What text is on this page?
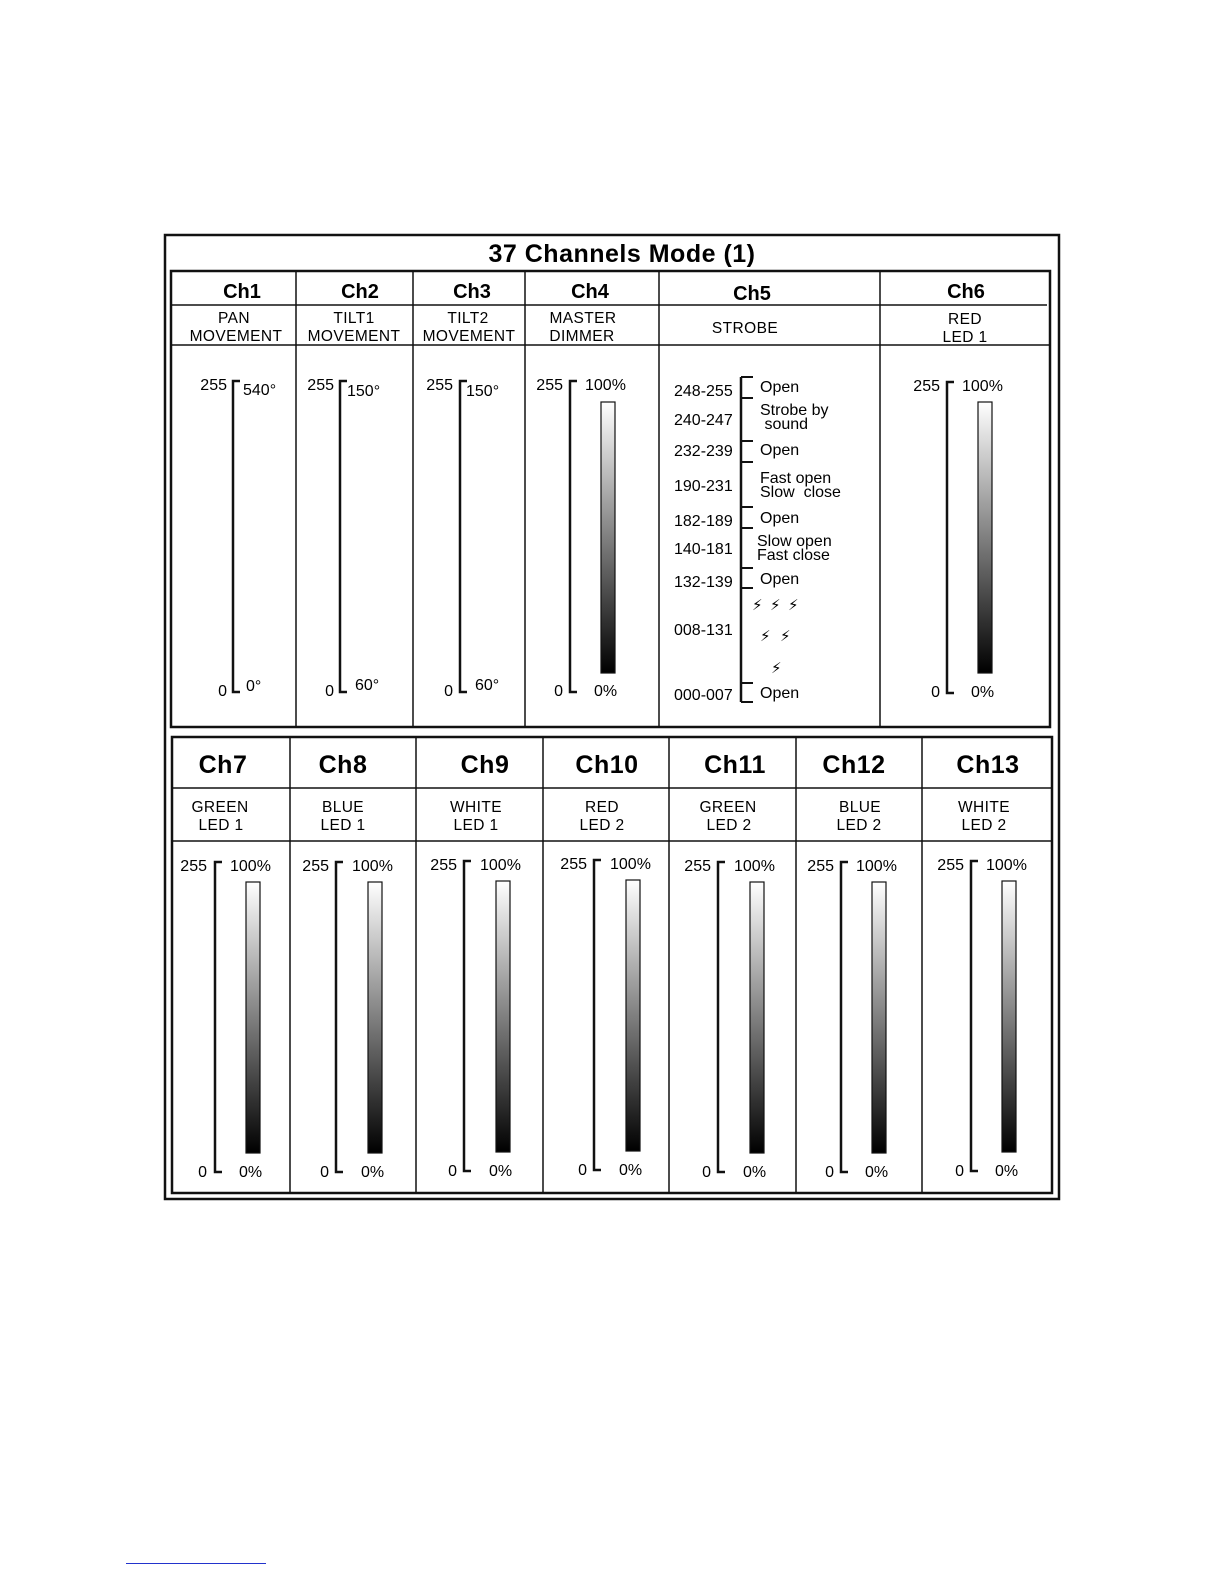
37 Channels Mode (1)
Ch1
PAN
MOVEMENT
255
0
540°
0°
Ch2
TILT1
MOVEMENT
255
0
150°
60°
Ch3
TILT2
MOVEMENT
255
0
150°
60°
Ch4
MASTER
DIMMER
255
0
100%
0%
Ch5
STROBE
248-255
240-247
232-239
190-231
182-189
140-181
132-139
008-131
000-007
Open
Strobe by
sound
Open
Fast open
Slow  close
Open
Slow open
Fast close
Open
Open
⚡ ⚡ ⚡
⚡ ⚡
⚡
Ch6
RED
LED 1
255
0
100%
0%
Ch7
GREEN
LED 1
255
0
100%
0%
Ch8
BLUE
LED 1
255
0
100%
0%
Ch9
WHITE
LED 1
255
0
100%
0%
Ch10
RED
LED 2
255
0
100%
0%
Ch11
GREEN
LED 2
255
0
100%
0%
Ch12
BLUE
LED 2
255
0
100%
0%
Ch13
WHITE
LED 2
255
0
100%
0%
